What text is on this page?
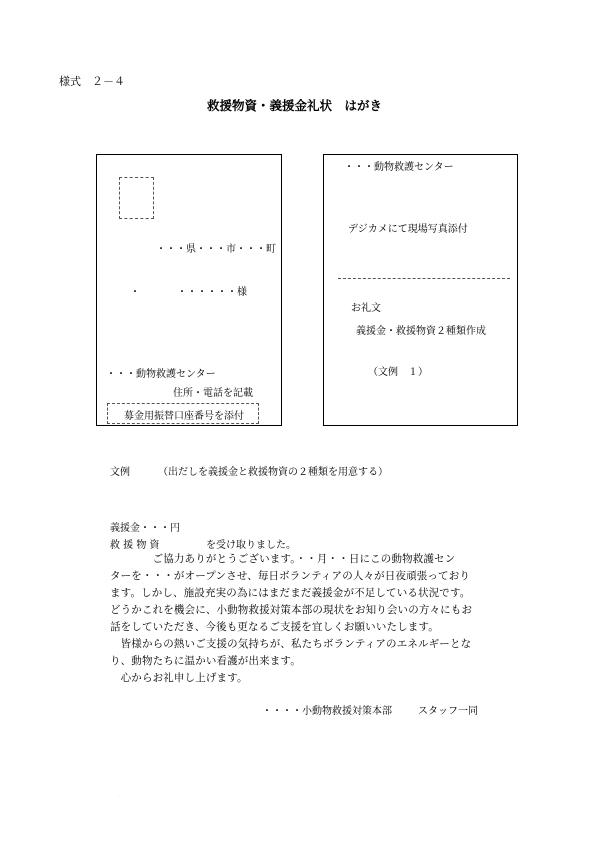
様式　２－４
救援物資・義援金礼状　はがき
・・・県・・・市・・・町
・	・・・・・・様
・・・動物救護センター
住所・電話を記載
募金用振替口座番号を添付
・・・動物救護センター
デジカメにて現場写真添付
お礼文
義援金・救援物資２種類作成
（文例　１）
文例	（出だしを義援金と救援物資の２種類を用意する）
義援金・・・円
救 援 物 資	を受け取りました。
　　　　ご協力ありがとうございます。・・月・・日にこの動物救護セン
ターを・・・がオープンさせ、毎日ボランティアの人々が日夜頑張っており
ます。しかし、施設充実の為にはまだまだ義援金が不足している状況です。
どうかこれを機会に、小動物救援対策本部の現状をお知り会いの方々にもお
話をしていただき、今後も更なるご支援を宜しくお願いいたします。
　皆様からの熱いご支援の気持ちが、私たちボランティアのエネルギーとな
り、動物たちに温かい看護が出来ます。
　心からお礼申し上げます。
・・・・小動物救援対策本部	スタッフ一同
.
